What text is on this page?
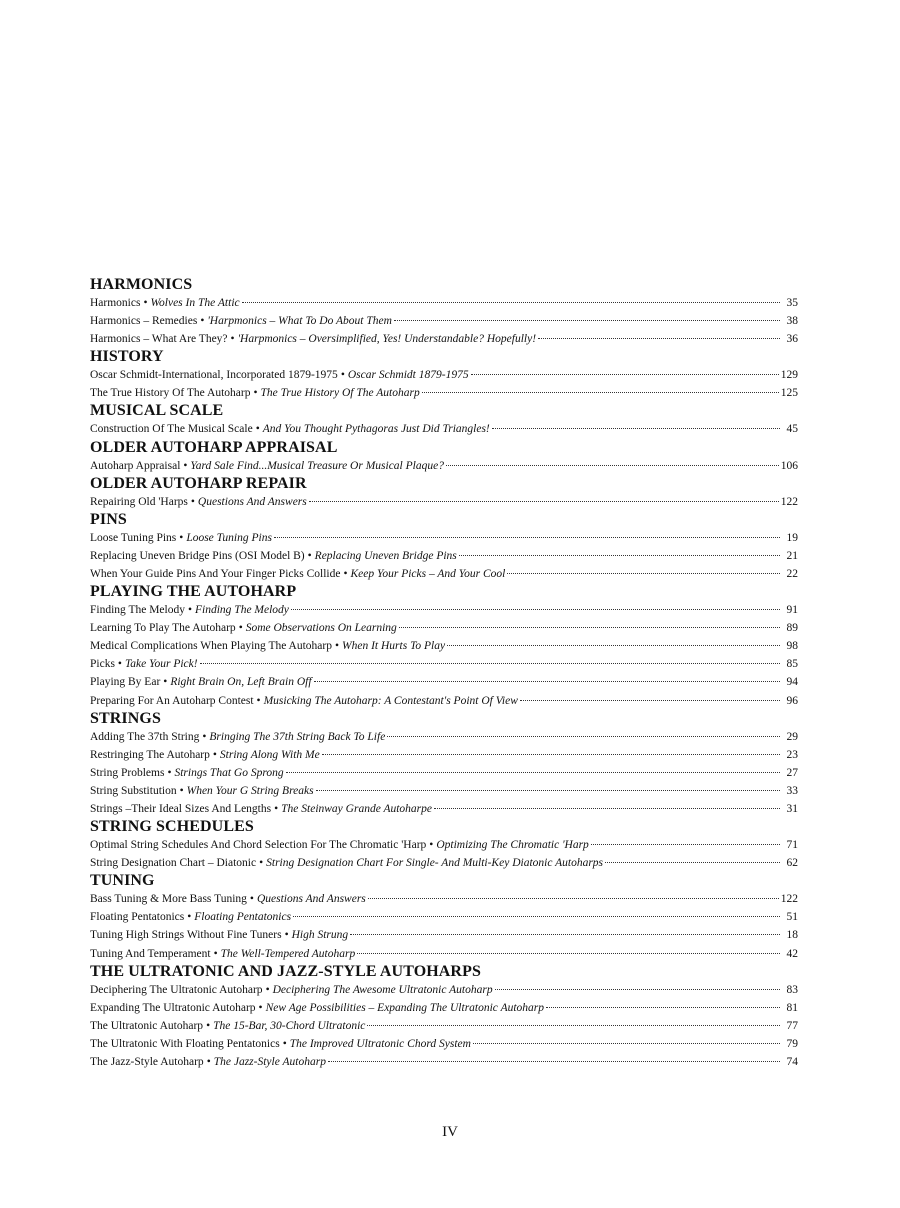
HARMONICS
Harmonics • Wolves In The Attic	35
Harmonics – Remedies • 'Harpmonics – What To Do About Them	38
Harmonics – What Are They? • 'Harpmonics – Oversimplified, Yes! Understandable? Hopefully!	36
HISTORY
Oscar Schmidt-International, Incorporated 1879-1975 • Oscar Schmidt 1879-1975	129
The True History Of The Autoharp • The True History Of The Autoharp	125
MUSICAL SCALE
Construction Of The Musical Scale • And You Thought Pythagoras Just Did Triangles!	45
OLDER AUTOHARP APPRAISAL
Autoharp Appraisal • Yard Sale Find...Musical Treasure Or Musical Plaque?	106
OLDER AUTOHARP REPAIR
Repairing Old 'Harps • Questions And Answers	122
PINS
Loose Tuning Pins • Loose Tuning Pins	19
Replacing Uneven Bridge Pins (OSI Model B) • Replacing Uneven Bridge Pins	21
When Your Guide Pins And Your Finger Picks Collide • Keep Your Picks – And Your Cool	22
PLAYING THE AUTOHARP
Finding The Melody • Finding The Melody	91
Learning To Play The Autoharp • Some Observations On Learning	89
Medical Complications When Playing The Autoharp • When It Hurts To Play	98
Picks • Take Your Pick!	85
Playing By Ear • Right Brain On, Left Brain Off	94
Preparing For An Autoharp Contest • Musicking The Autoharp: A Contestant's Point Of View	96
STRINGS
Adding The 37th String • Bringing The 37th String Back To Life	29
Restringing The Autoharp • String Along With Me	23
String Problems • Strings That Go Sprong	27
String Substitution • When Your G String Breaks	33
Strings –Their Ideal Sizes And Lengths • The Steinway Grande Autoharpe	31
STRING SCHEDULES
Optimal String Schedules And Chord Selection For The Chromatic 'Harp • Optimizing The Chromatic 'Harp	71
String Designation Chart – Diatonic • String Designation Chart For Single- And Multi-Key Diatonic Autoharps	62
TUNING
Bass Tuning & More Bass Tuning • Questions And Answers	122
Floating Pentatonics • Floating Pentatonics	51
Tuning High Strings Without Fine Tuners • High Strung	18
Tuning And Temperament • The Well-Tempered Autoharp	42
THE ULTRATONIC AND JAZZ-STYLE AUTOHARPS
Deciphering The Ultratonic Autoharp • Deciphering The Awesome Ultratonic Autoharp	83
Expanding The Ultratonic Autoharp • New Age Possibilities – Expanding The Ultratonic Autoharp	81
The Ultratonic Autoharp • The 15-Bar, 30-Chord Ultratonic	77
The Ultratonic With Floating Pentatonics • The Improved Ultratonic Chord System	79
The Jazz-Style Autoharp • The Jazz-Style Autoharp	74
IV
